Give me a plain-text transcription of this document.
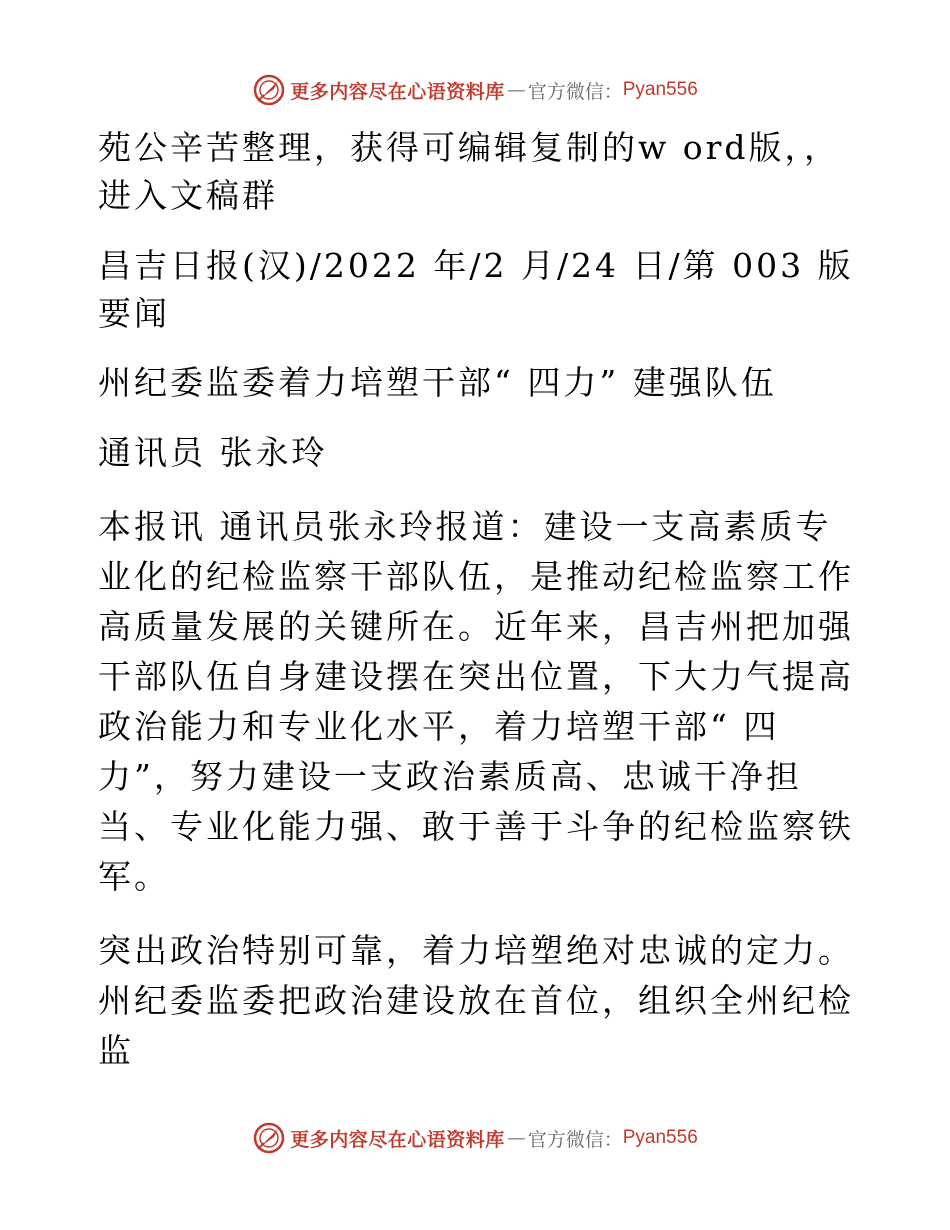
更多内容尽在心语资料库 — 官方微信： Pyan556

苑公辛苦整理，获得可编辑复制的w ord版，，进入文稿群

昌吉日报(汉)/2022 年/2 月/24 日/第 003 版要闻

州纪委监委着力培塑干部“ 四力” 建强队伍

通讯员 张永玲

本报讯 通讯员张永玲报道：建设一支高素质专业化的纪检监察干部队伍，是推动纪检监察工作高质量发展的关键所在。近年来，昌吉州把加强干部队伍自身建设摆在突出位置，下大力气提高政治能力和专业化水平，着力培塑干部“ 四力”，努力建设一支政治素质高、忠诚干净担当、专业化能力强、敢于善于斗争的纪检监察铁军。

突出政治特别可靠，着力培塑绝对忠诚的定力。州纪委监委把政治建设放在首位，组织全州纪检监

更多内容尽在心语资料库 — 官方微信： Pyan556
